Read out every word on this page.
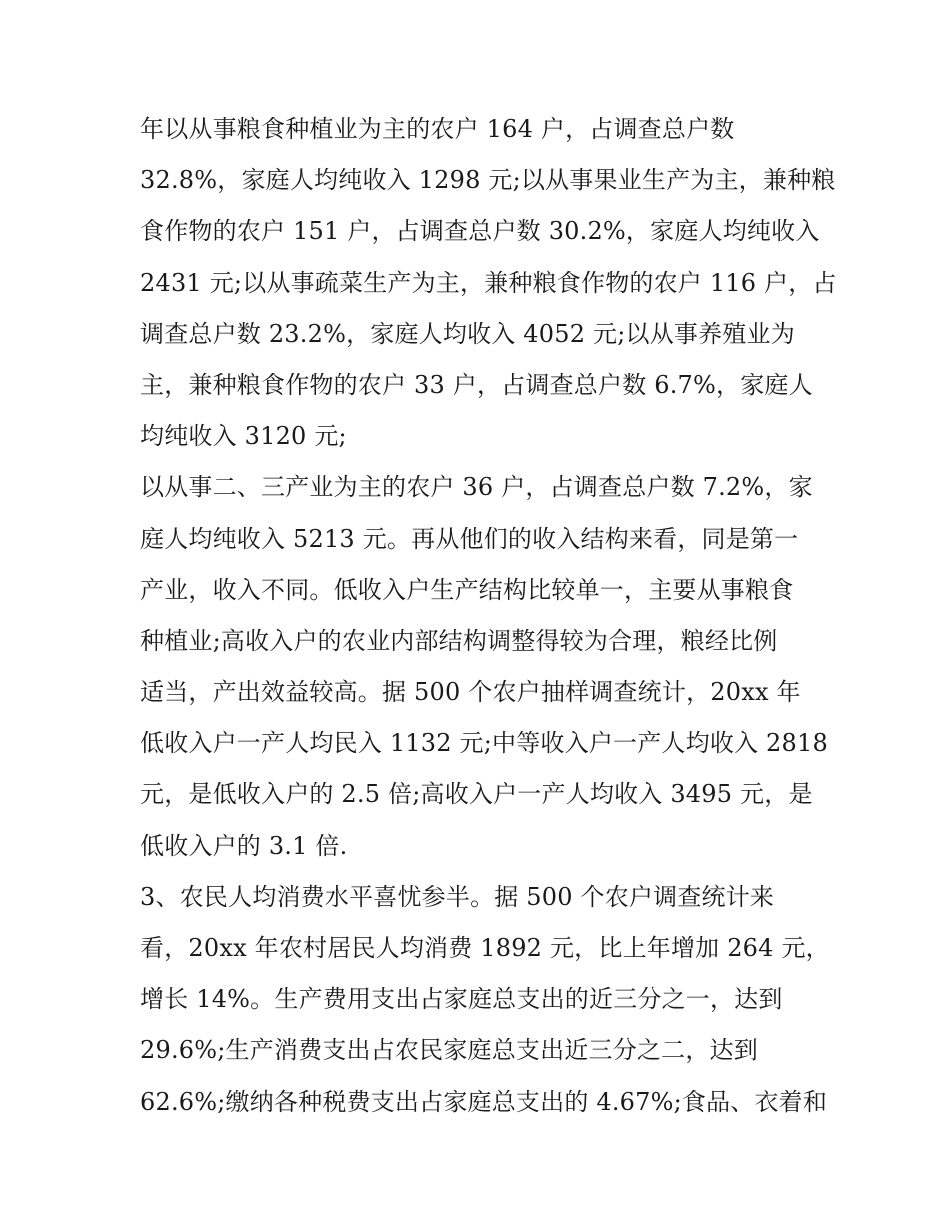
年以从事粮食种植业为主的农户 164 户，占调查总户数
32.8%，家庭人均纯收入 1298 元;以从事果业生产为主，兼种粮
食作物的农户 151 户，占调查总户数 30.2%，家庭人均纯收入
2431 元;以从事疏菜生产为主，兼种粮食作物的农户 116 户，占
调查总户数 23.2%，家庭人均收入 4052 元;以从事养殖业为
主，兼种粮食作物的农户 33 户，占调查总户数 6.7%，家庭人
均纯收入 3120 元;
以从事二、三产业为主的农户 36 户，占调查总户数 7.2%，家
庭人均纯收入 5213 元。再从他们的收入结构来看，同是第一
产业，收入不同。低收入户生产结构比较单一，主要从事粮食
种植业;高收入户的农业内部结构调整得较为合理，粮经比例
适当，产出效益较高。据 500 个农户抽样调查统计，20xx 年
低收入户一产人均民入 1132 元;中等收入户一产人均收入 2818
元，是低收入户的 2.5 倍;高收入户一产人均收入 3495 元，是
低收入户的 3.1 倍.
3、农民人均消费水平喜忧参半。据 500 个农户调查统计来
看，20xx 年农村居民人均消费 1892 元，比上年增加 264 元，
增长 14%。生产费用支出占家庭总支出的近三分之一，达到
29.6%;生产消费支出占农民家庭总支出近三分之二，达到
62.6%;缴纳各种税费支出占家庭总支出的 4.67%;食品、衣着和
